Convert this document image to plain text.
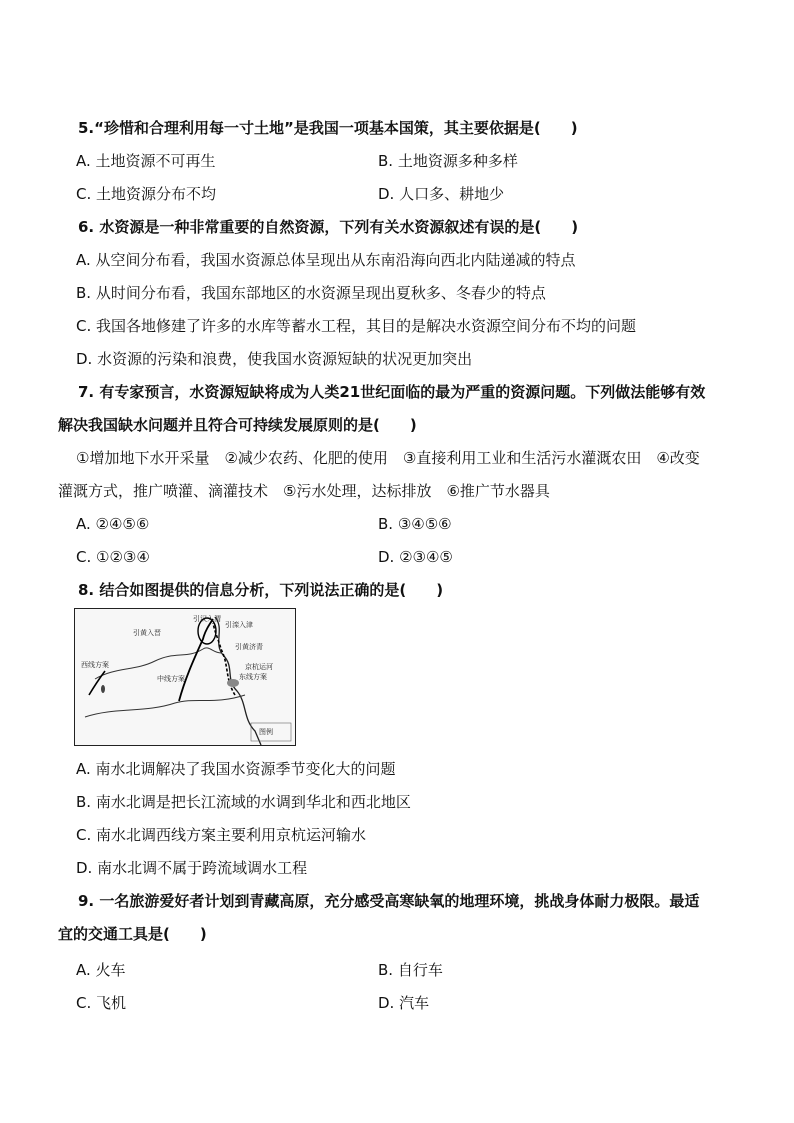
5.“珍惜和合理利用每一寸土地”是我国一项基本国策，其主要依据是(　　)
A. 土地资源不可再生	B. 土地资源多种多样
C. 土地资源分布不均	D. 人口多、耕地少
6. 水资源是一种非常重要的自然资源，下列有关水资源叙述有误的是(　　)
A. 从空间分布看，我国水资源总体呈现出从东南沿海向西北内陆递减的特点
B. 从时间分布看，我国东部地区的水资源呈现出夏秋多、冬春少的特点
C. 我国各地修建了许多的水库等蓄水工程，其目的是解决水资源空间分布不均的问题
D. 水资源的污染和浪费，使我国水资源短缺的状况更加突出
7. 有专家预言，水资源短缺将成为人类21世纪面临的最为严重的资源问题。下列做法能够有效
解决我国缺水问题并且符合可持续发展原则的是(　　)
①增加地下水开采量　②减少农药、化肥的使用　③直接利用工业和生活污水灌溉农田　④改变
灌溉方式，推广喷灌、滴灌技术　⑤污水处理，达标排放　⑥推广节水器具
A. ②④⑤⑥	B. ③④⑤⑥
C. ①②③④	D. ②③④⑤
8. 结合如图提供的信息分析，下列说法正确的是(　　)
引汉入渭
引黄入晋
引滦入津
引黄济青
西线方案
中线方案	东线方案
京杭运河
图例
A. 南水北调解决了我国水资源季节变化大的问题
B. 南水北调是把长江流域的水调到华北和西北地区
C. 南水北调西线方案主要利用京杭运河输水
D. 南水北调不属于跨流域调水工程
9. 一名旅游爱好者计划到青藏高原，充分感受高寒缺氧的地理环境，挑战身体耐力极限。最适
宜的交通工具是(　　)
A. 火车	B. 自行车
C. 飞机	D. 汽车
